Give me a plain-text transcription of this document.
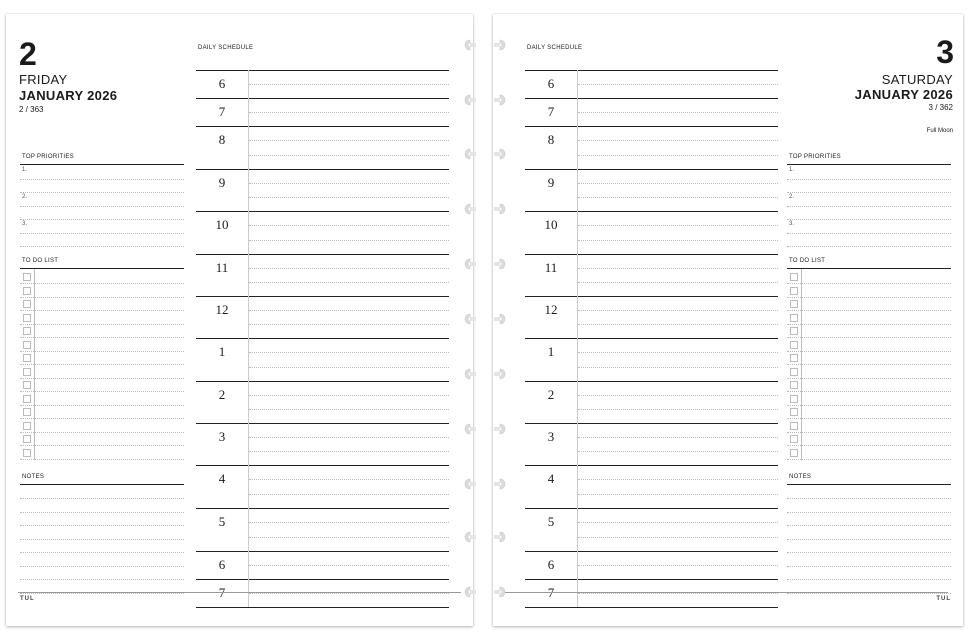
2
FRIDAY
JANUARY 2026
2 / 363
DAILY SCHEDULE
6
7
8
9
10
11
12
1
2
3
4
5
6
7
TOP PRIORITIES
1.
2.
3.
TO DO LIST
NOTES
TUL
3
SATURDAY
JANUARY 2026
3 / 362
Full Moon
DAILY SCHEDULE
6
7
8
9
10
11
12
1
2
3
4
5
6
7
TOP PRIORITIES
1.
2.
3.
TO DO LIST
NOTES
TUL
